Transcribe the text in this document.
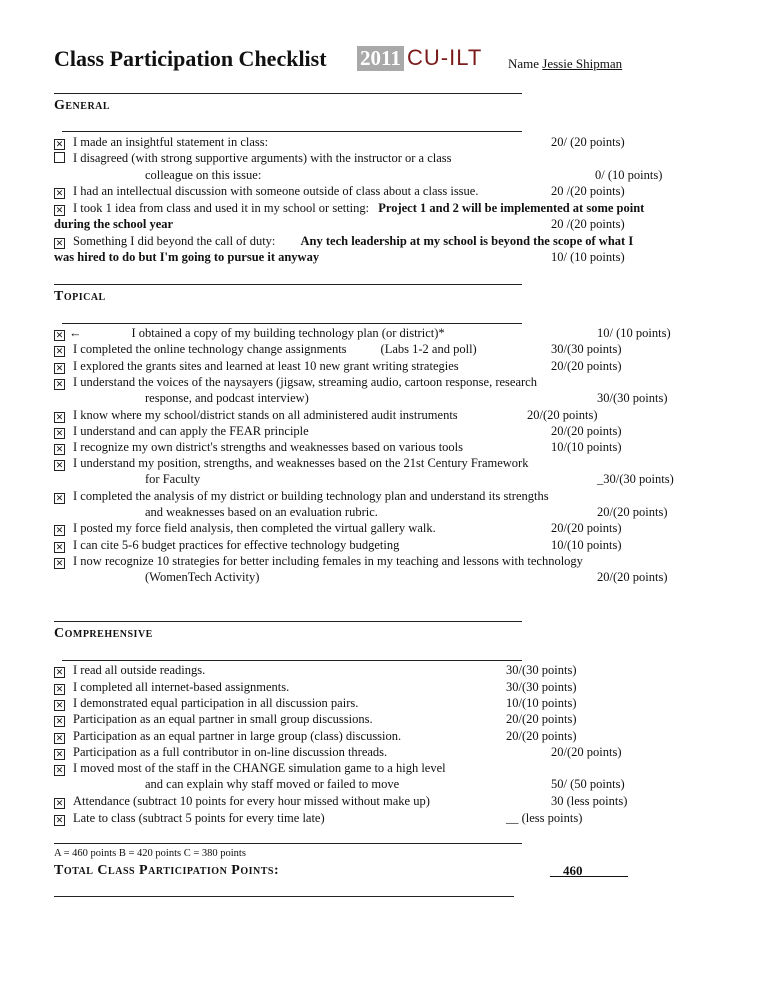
Class Participation Checklist 2011 CU-ILT Name Jessie Shipman
General
✕ I made an insightful statement in class:	20/ (20 points)
I disagreed (with strong supportive arguments) with the instructor or a class
colleague on this issue:	0/ (10 points)
✕ I had an intellectual discussion with someone outside of class about a class issue.	20 /(20 points)
✕ I took 1 idea from class and used it in my school or setting: Project 1 and 2 will be implemented at some point
during the school year	20 /(20 points)
✕ Something I did beyond the call of duty: Any tech leadership at my school is beyond the scope of what I
was hired to do but I'm going to pursue it anyway	10/ (10 points)
Topical
✕ ←	I obtained a copy of my building technology plan (or district)*	10/ (10 points)
✕ I completed the online technology change assignments	(Labs 1-2 and poll)	30/(30 points)
✕ I explored the grants sites and learned at least 10 new grant writing strategies	20/(20 points)
✕ I understand the voices of the naysayers (jigsaw, streaming audio, cartoon response, research
response, and podcast interview)	30/(30 points)
✕ I know where my school/district stands on all administered audit instruments	20/(20 points)
✕ I understand and can apply the FEAR principle	20/(20 points)
✕ I recognize my own district's strengths and weaknesses based on various tools	10/(10 points)
✕ I understand my position, strengths, and weaknesses based on the 21st Century Framework
for Faculty	_30/(30 points)
✕ I completed the analysis of my district or building technology plan and understand its strengths
and weaknesses based on an evaluation rubric.	20/(20 points)
✕ I posted my force field analysis, then completed the virtual gallery walk.	20/(20 points)
✕ I can cite 5-6 budget practices for effective technology budgeting	10/(10 points)
✕ I now recognize 10 strategies for better including females in my teaching and lessons with technology
(WomenTech Activity)	20/(20 points)
Comprehensive
✕ I read all outside readings.	30/(30 points)
✕ I completed all internet-based assignments.	30/(30 points)
✕ I demonstrated equal participation in all discussion pairs.	10/(10 points)
✕ Participation as an equal partner in small group discussions.	20/(20 points)
✕ Participation as an equal partner in large group (class) discussion.	20/(20 points)
✕ Participation as a full contributor in on-line discussion threads.	20/(20 points)
✕ I moved most of the staff in the CHANGE simulation game to a high level
and can explain why staff moved or failed to move	50/ (50 points)
✕ Attendance (subtract 10 points for every hour missed without make up)	30 (less points)
✕ Late to class (subtract 5 points for every time late)	__ (less points)
A = 460 points B = 420 points C = 380 points
Total Class Participation Points:	__460_______
